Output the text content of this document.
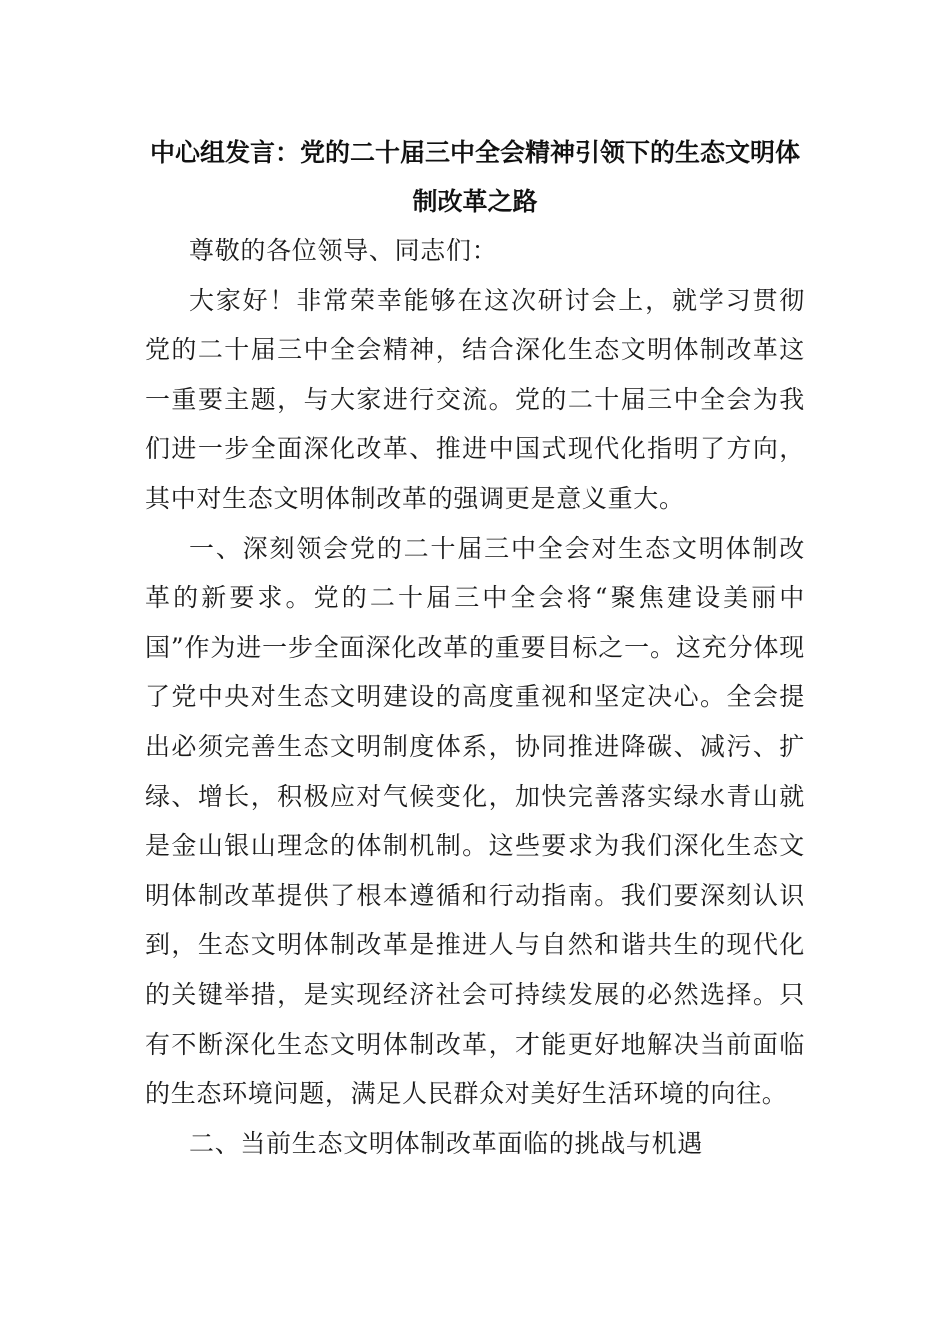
中心组发言：党的二十届三中全会精神引领下的生态文明体制改革之路

尊敬的各位领导、同志们：

大家好！非常荣幸能够在这次研讨会上，就学习贯彻党的二十届三中全会精神，结合深化生态文明体制改革这一重要主题，与大家进行交流。党的二十届三中全会为我们进一步全面深化改革、推进中国式现代化指明了方向，其中对生态文明体制改革的强调更是意义重大。

一、深刻领会党的二十届三中全会对生态文明体制改革的新要求。党的二十届三中全会将“聚焦建设美丽中国”作为进一步全面深化改革的重要目标之一。这充分体现了党中央对生态文明建设的高度重视和坚定决心。全会提出必须完善生态文明制度体系，协同推进降碳、减污、扩绿、增长，积极应对气候变化，加快完善落实绿水青山就是金山银山理念的体制机制。这些要求为我们深化生态文明体制改革提供了根本遵循和行动指南。我们要深刻认识到，生态文明体制改革是推进人与自然和谐共生的现代化的关键举措，是实现经济社会可持续发展的必然选择。只有不断深化生态文明体制改革，才能更好地解决当前面临的生态环境问题，满足人民群众对美好生活环境的向往。

二、当前生态文明体制改革面临的挑战与机遇
